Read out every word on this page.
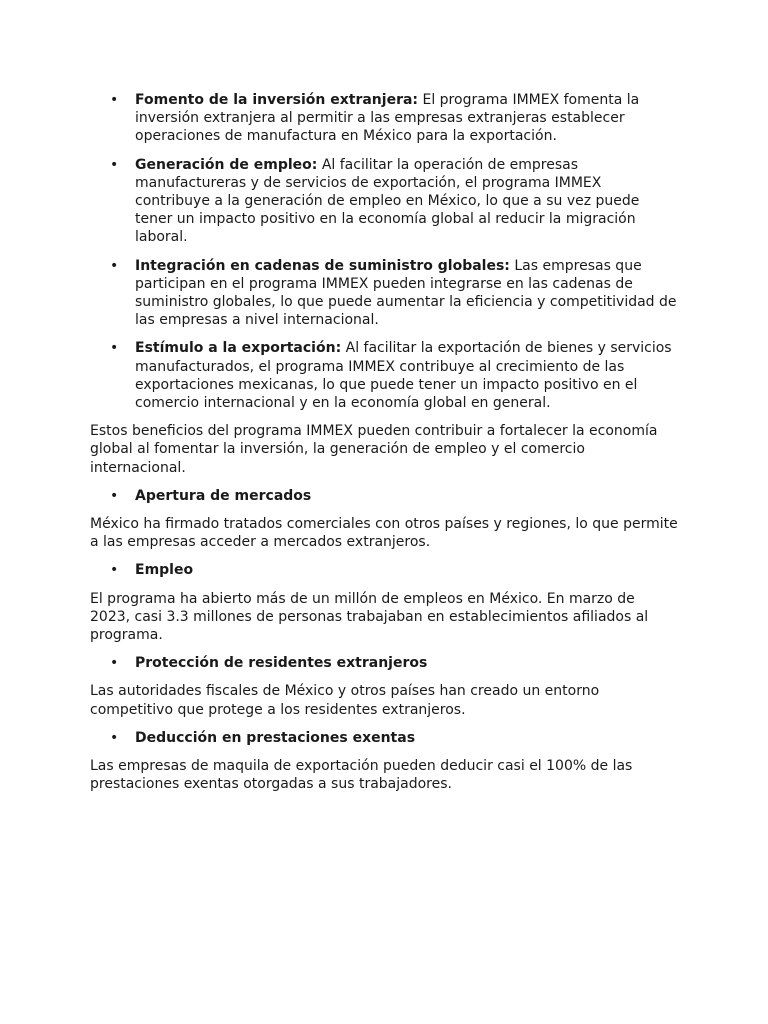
• Fomento de la inversión extranjera: El programa IMMEX fomenta la inversión extranjera al permitir a las empresas extranjeras establecer operaciones de manufactura en México para la exportación.
• Generación de empleo: Al facilitar la operación de empresas manufactureras y de servicios de exportación, el programa IMMEX contribuye a la generación de empleo en México, lo que a su vez puede tener un impacto positivo en la economía global al reducir la migración laboral.
• Integración en cadenas de suministro globales: Las empresas que participan en el programa IMMEX pueden integrarse en las cadenas de suministro globales, lo que puede aumentar la eficiencia y competitividad de las empresas a nivel internacional.
• Estímulo a la exportación: Al facilitar la exportación de bienes y servicios manufacturados, el programa IMMEX contribuye al crecimiento de las exportaciones mexicanas, lo que puede tener un impacto positivo en el comercio internacional y en la economía global en general.

Estos beneficios del programa IMMEX pueden contribuir a fortalecer la economía global al fomentar la inversión, la generación de empleo y el comercio internacional.

• Apertura de mercados

México ha firmado tratados comerciales con otros países y regiones, lo que permite a las empresas acceder a mercados extranjeros.

• Empleo

El programa ha abierto más de un millón de empleos en México. En marzo de 2023, casi 3.3 millones de personas trabajaban en establecimientos afiliados al programa.

• Protección de residentes extranjeros

Las autoridades fiscales de México y otros países han creado un entorno competitivo que protege a los residentes extranjeros.

• Deducción en prestaciones exentas

Las empresas de maquila de exportación pueden deducir casi el 100% de las prestaciones exentas otorgadas a sus trabajadores.
